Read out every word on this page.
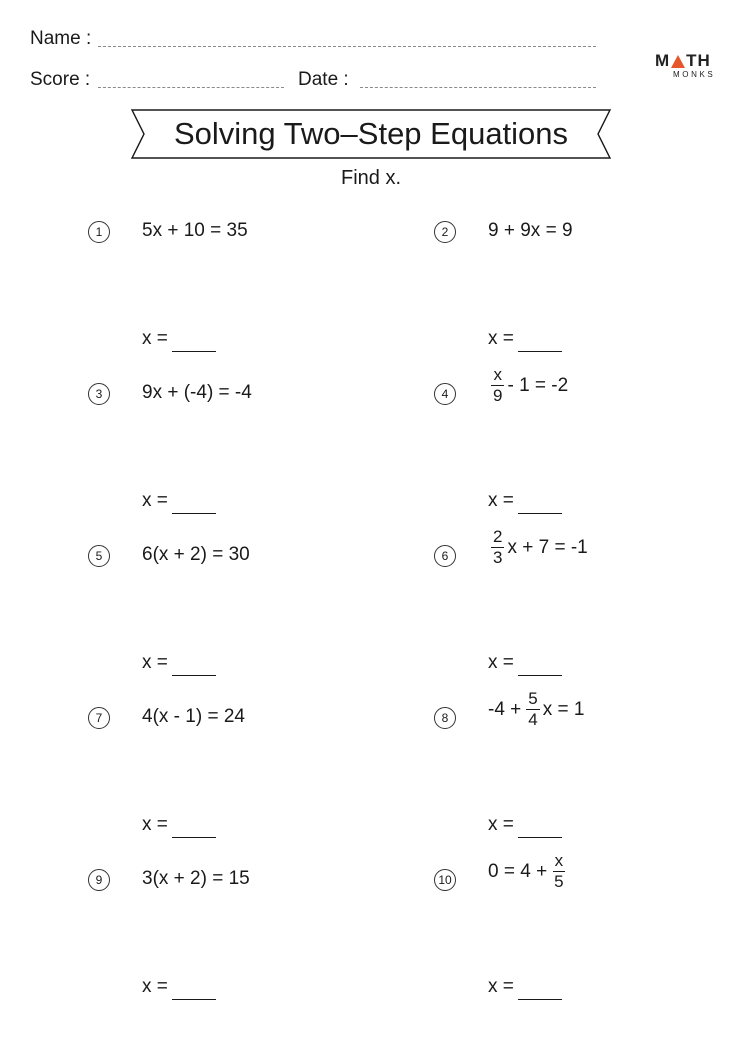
Name :
Score :	Date :
M TH
MONKS
Solving Two–Step Equations
Find x.
1	5x + 10 = 35
x =
2	9 + 9x = 9
x =
3	9x + (-4) = -4
x =
4	$\frac{x}{9} - 1 = -2$
x =
5	6(x + 2) = 30
x =
6	$\frac{2}{3}$ x + 7 = -1
x =
7	4(x - 1) = 24
x =
8	$-4 + \frac{5}{4}$ x = 1
x =
9	3(x + 2) = 15
x =
10 $0 = 4 + \frac{x}{5}$
x =
